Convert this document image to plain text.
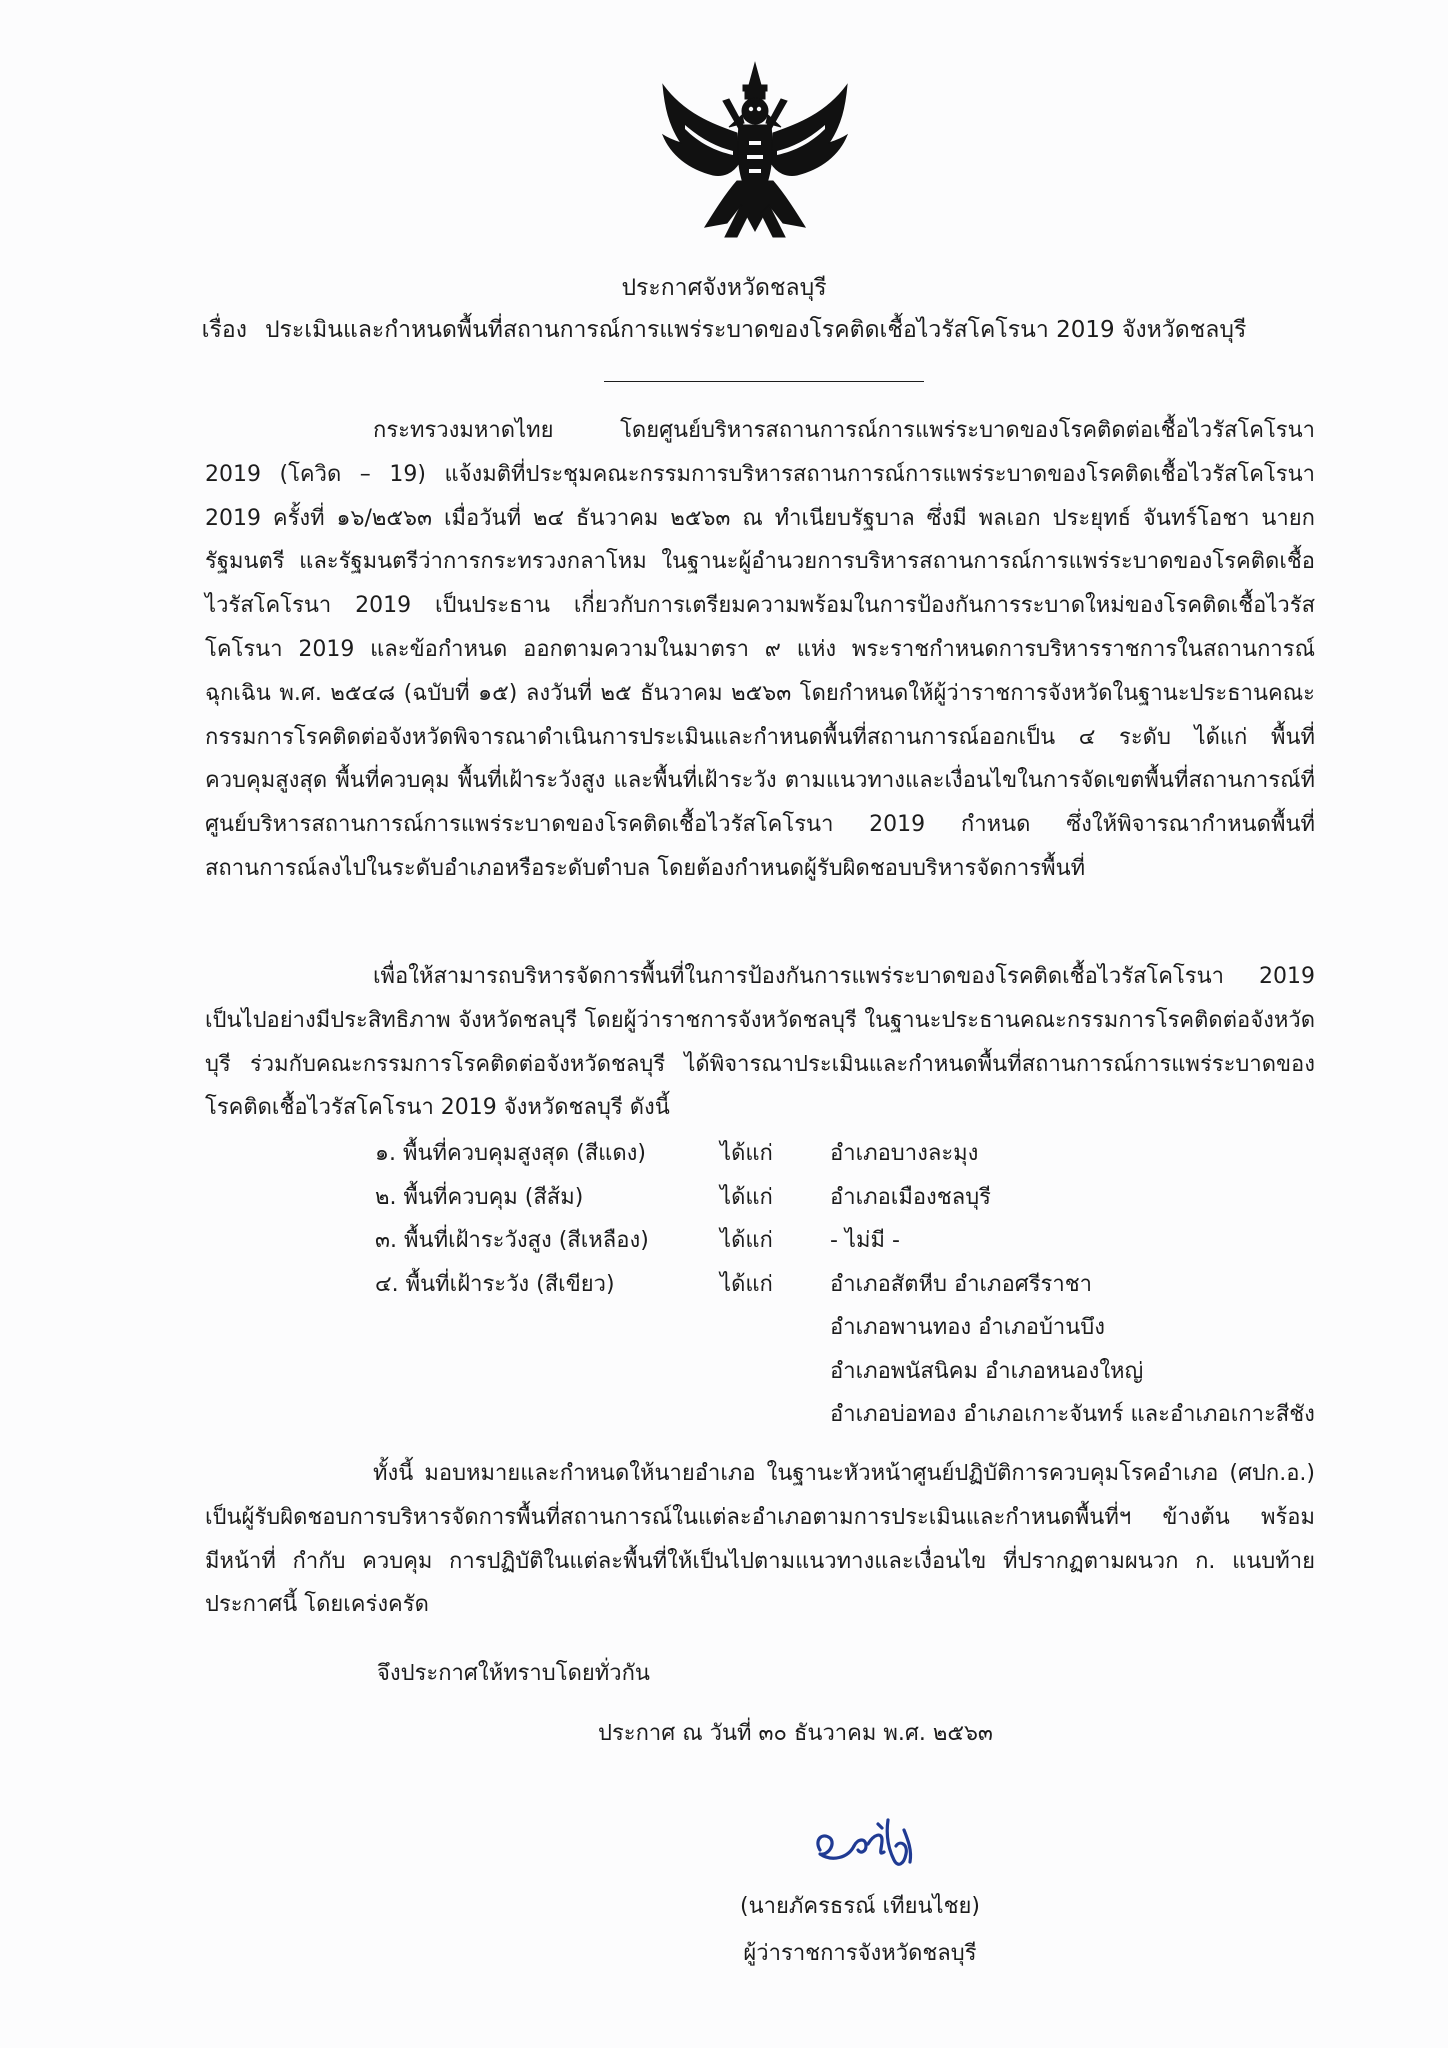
ประกาศจังหวัดชลบุรี
เรื่อง ประเมินและกำหนดพื้นที่สถานการณ์การแพร่ระบาดของโรคติดเชื้อไวรัสโคโรนา 2019 จังหวัดชลบุรี

กระทรวงมหาดไทย โดยศูนย์บริหารสถานการณ์การแพร่ระบาดของโรคติดต่อเชื้อไวรัสโคโรนา 2019 (โควิด – 19) แจ้งมติที่ประชุมคณะกรรมการบริหารสถานการณ์การแพร่ระบาดของโรคติดเชื้อไวรัสโคโรนา 2019 ครั้งที่ ๑๖/๒๕๖๓ เมื่อวันที่ ๒๔ ธันวาคม ๒๕๖๓ ณ ทำเนียบรัฐบาล ซึ่งมี พลเอก ประยุทธ์ จันทร์โอชา นายกรัฐมนตรี และรัฐมนตรีว่าการกระทรวงกลาโหม ในฐานะผู้อำนวยการบริหารสถานการณ์การแพร่ระบาดของโรคติดเชื้อไวรัสโคโรนา 2019 เป็นประธาน เกี่ยวกับการเตรียมความพร้อมในการป้องกันการระบาดใหม่ของโรคติดเชื้อไวรัสโคโรนา 2019 และข้อกำหนด ออกตามความในมาตรา ๙ แห่ง พระราชกำหนดการบริหารราชการในสถานการณ์ฉุกเฉิน พ.ศ. ๒๕๔๘ (ฉบับที่ ๑๕) ลงวันที่ ๒๕ ธันวาคม ๒๕๖๓ โดยกำหนดให้ผู้ว่าราชการจังหวัดในฐานะประธานคณะกรรมการโรคติดต่อจังหวัดพิจารณาดำเนินการประเมินและกำหนดพื้นที่สถานการณ์ออกเป็น ๔ ระดับ ได้แก่ พื้นที่ควบคุมสูงสุด พื้นที่ควบคุม พื้นที่เฝ้าระวังสูง และพื้นที่เฝ้าระวัง ตามแนวทางและเงื่อนไขในการจัดเขตพื้นที่สถานการณ์ที่ศูนย์บริหารสถานการณ์การแพร่ระบาดของโรคติดเชื้อไวรัสโคโรนา 2019 กำหนด ซึ่งให้พิจารณากำหนดพื้นที่สถานการณ์ลงไปในระดับอำเภอหรือระดับตำบล โดยต้องกำหนดผู้รับผิดชอบบริหารจัดการพื้นที่

เพื่อให้สามารถบริหารจัดการพื้นที่ในการป้องกันการแพร่ระบาดของโรคติดเชื้อไวรัสโคโรนา 2019 เป็นไปอย่างมีประสิทธิภาพ จังหวัดชลบุรี โดยผู้ว่าราชการจังหวัดชลบุรี ในฐานะประธานคณะกรรมการโรคติดต่อจังหวัดบุรี ร่วมกับคณะกรรมการโรคติดต่อจังหวัดชลบุรี ได้พิจารณาประเมินและกำหนดพื้นที่สถานการณ์การแพร่ระบาดของโรคติดเชื้อไวรัสโคโรนา 2019 จังหวัดชลบุรี ดังนี้

๑. พื้นที่ควบคุมสูงสุด (สีแดง)	ได้แก่	อำเภอบางละมุง
๒. พื้นที่ควบคุม (สีส้ม)	ได้แก่	อำเภอเมืองชลบุรี
๓. พื้นที่เฝ้าระวังสูง (สีเหลือง)	ได้แก่	- ไม่มี -
๔. พื้นที่เฝ้าระวัง (สีเขียว)	ได้แก่	อำเภอสัตหีบ อำเภอศรีราชา
อำเภอพานทอง อำเภอบ้านบึง
อำเภอพนัสนิคม อำเภอหนองใหญ่
อำเภอบ่อทอง อำเภอเกาะจันทร์ และอำเภอเกาะสีชัง

ทั้งนี้ มอบหมายและกำหนดให้นายอำเภอ ในฐานะหัวหน้าศูนย์ปฏิบัติการควบคุมโรคอำเภอ (ศปก.อ.) เป็นผู้รับผิดชอบการบริหารจัดการพื้นที่สถานการณ์ในแต่ละอำเภอตามการประเมินและกำหนดพื้นที่ฯ ข้างต้น พร้อมมีหน้าที่ กำกับ ควบคุม การปฏิบัติในแต่ละพื้นที่ให้เป็นไปตามแนวทางและเงื่อนไข ที่ปรากฏตามผนวก ก. แนบท้ายประกาศนี้ โดยเคร่งครัด

จึงประกาศให้ทราบโดยทั่วกัน
ประกาศ ณ วันที่ ๓๐ ธันวาคม พ.ศ. ๒๕๖๓
(นายภัครธรณ์ เทียนไชย)
ผู้ว่าราชการจังหวัดชลบุรี
